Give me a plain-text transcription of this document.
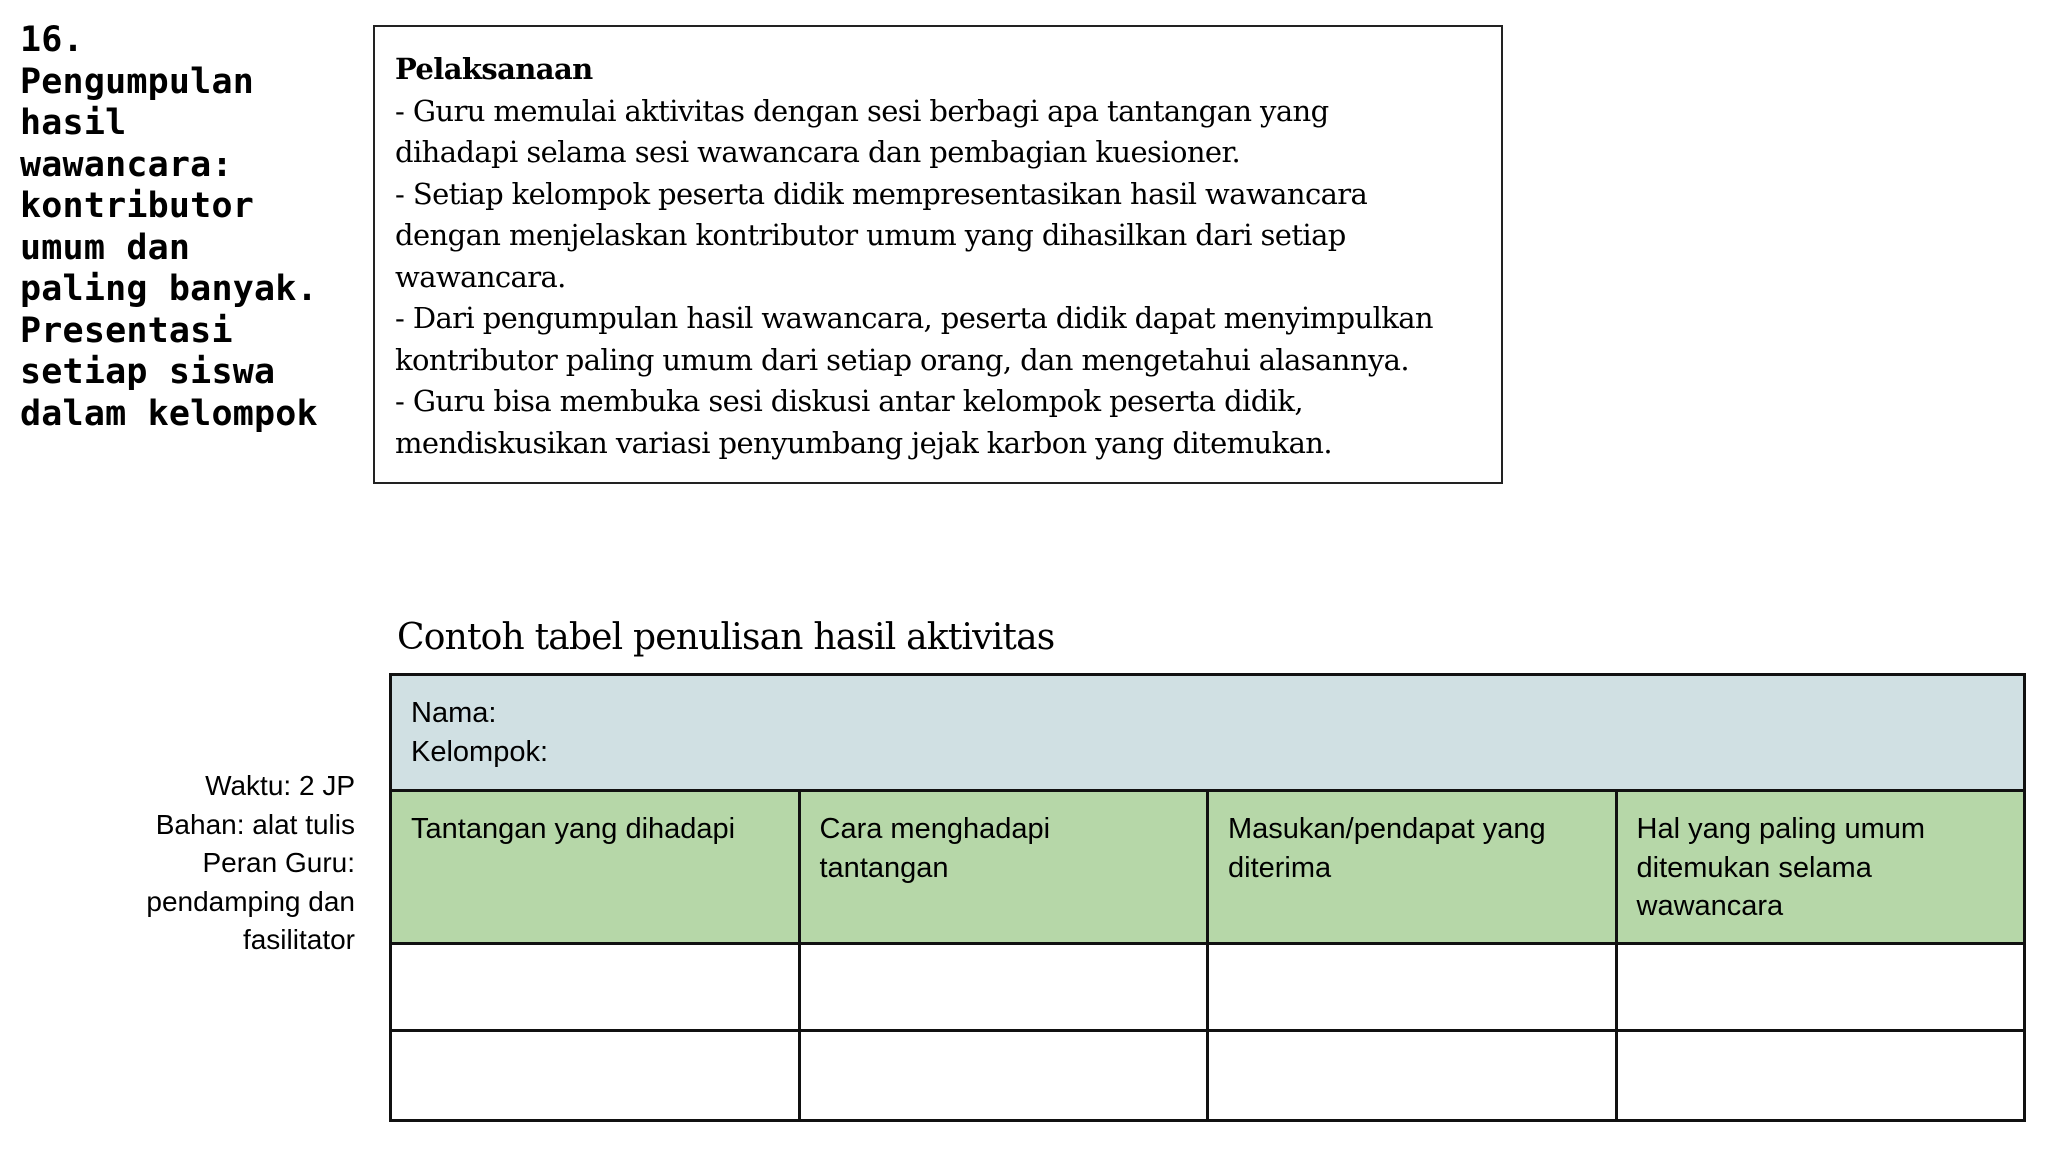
16.
Pengumpulan
hasil
wawancara:
kontributor
umum dan
paling banyak.
Presentasi
setiap siswa
dalam kelompok
Pelaksanaan
- Guru memulai aktivitas dengan sesi berbagi apa tantangan yang
dihadapi selama sesi wawancara dan pembagian kuesioner.
- Setiap kelompok peserta didik mempresentasikan hasil wawancara
dengan menjelaskan kontributor umum yang dihasilkan dari setiap
wawancara.
- Dari pengumpulan hasil wawancara, peserta didik dapat menyimpulkan
kontributor paling umum dari setiap orang, dan mengetahui alasannya.
- Guru bisa membuka sesi diskusi antar kelompok peserta didik,
mendiskusikan variasi penyumbang jejak karbon yang ditemukan.
Waktu: 2 JP
Bahan: alat tulis
Peran Guru:
pendamping dan
fasilitator
Contoh tabel penulisan hasil aktivitas
Nama:
Kelompok:
Tantangan yang dihadapi	Cara menghadapi tantangan
Masukan/pendapat yang diterima
Hal yang paling umum ditemukan selama wawancara
